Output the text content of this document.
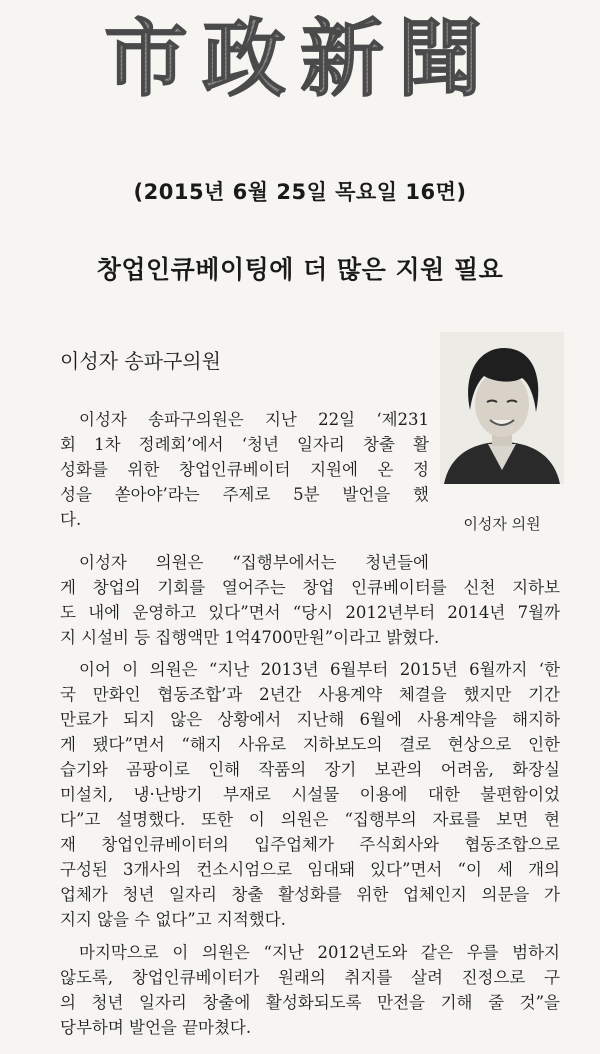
市政新聞
(2015년 6월 25일 목요일 16면)
창업인큐베이팅에 더 많은 지원 필요
이성자 송파구의원
이성자 의원
이성자 송파구의원은 지난 22일 ‘제231
회 1차 정례회’에서 ‘청년 일자리 창출 활
성화를 위한 창업인큐베이터 지원에 온 정
성을 쏟아야’라는 주제로 5분 발언을 했
다.
이성자 의원은 “집행부에서는 청년들에
게 창업의 기회를 열어주는 창업 인큐베이터를 신천 지하보
도 내에 운영하고 있다”면서 “당시 2012년부터 2014년 7월까
지 시설비 등 집행액만 1억4700만원”이라고 밝혔다.
이어 이 의원은 “지난 2013년 6월부터 2015년 6월까지 ‘한
국 만화인 협동조합’과 2년간 사용계약 체결을 했지만 기간
만료가 되지 않은 상황에서 지난해 6월에 사용계약을 해지하
게 됐다”면서 “해지 사유로 지하보도의 결로 현상으로 인한
습기와 곰팡이로 인해 작품의 장기 보관의 어려움, 화장실
미설치, 냉·난방기 부재로 시설물 이용에 대한 불편함이었
다”고 설명했다. 또한 이 의원은 “집행부의 자료를 보면 현
재 창업인큐베이터의 입주업체가 주식회사와 협동조합으로
구성된 3개사의 컨소시엄으로 임대돼 있다”면서 “이 세 개의
업체가 청년 일자리 창출 활성화를 위한 업체인지 의문을 가
지지 않을 수 없다”고 지적했다.
마지막으로 이 의원은 “지난 2012년도와 같은 우를 범하지
않도록, 창업인큐베이터가 원래의 취지를 살려 진정으로 구
의 청년 일자리 창출에 활성화되도록 만전을 기해 줄 것”을
당부하며 발언을 끝마쳤다.
